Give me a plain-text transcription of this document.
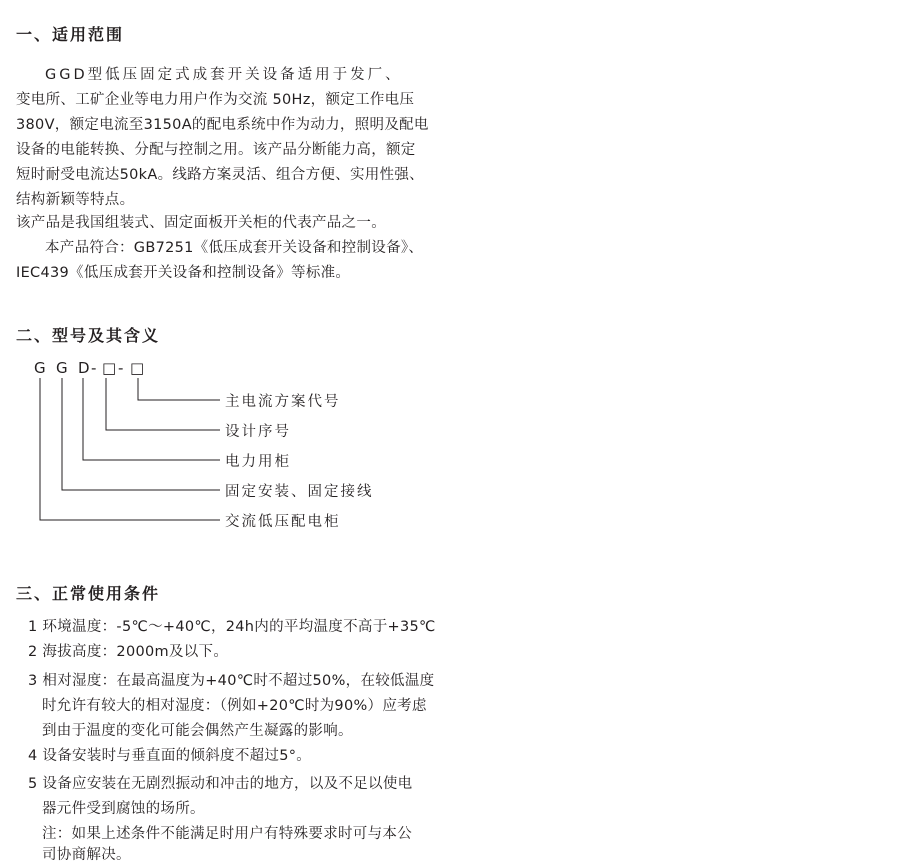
一、适用范围

GGD型低压固定式成套开关设备适用于发厂、

变电所、工矿企业等电力用户作为交流 50Hz，额定工作电压

380V，额定电流至3150A的配电系统中作为动力，照明及配电

设备的电能转换、分配与控制之用。该产品分断能力高，额定

短时耐受电流达50kA。线路方案灵活、组合方便、实用性强、

结构新颖等特点。

该产品是我国组装式、固定面板开关柜的代表产品之一。

本产品符合：GB7251《低压成套开关设备和控制设备》、

IEC439《低压成套开关设备和控制设备》等标准。

二、型号及其含义
G G D - □ - □
主电流方案代号
设计序号
电力用柜
固定安装、固定接线
交流低压配电柜
三、正常使用条件

1 环境温度：-5℃～+40℃，24h内的平均温度不高于+35℃

2 海拔高度：2000m及以下。

3 相对湿度：在最高温度为+40℃时不超过50%，在较低温度

时允许有较大的相对湿度：（例如+20℃时为90%）应考虑

到由于温度的变化可能会偶然产生凝露的影响。

4 设备安装时与垂直面的倾斜度不超过5°。

5 设备应安装在无剧烈振动和冲击的地方，以及不足以使电

器元件受到腐蚀的场所。

注：如果上述条件不能满足时用户有特殊要求时可与本公

司协商解决。
